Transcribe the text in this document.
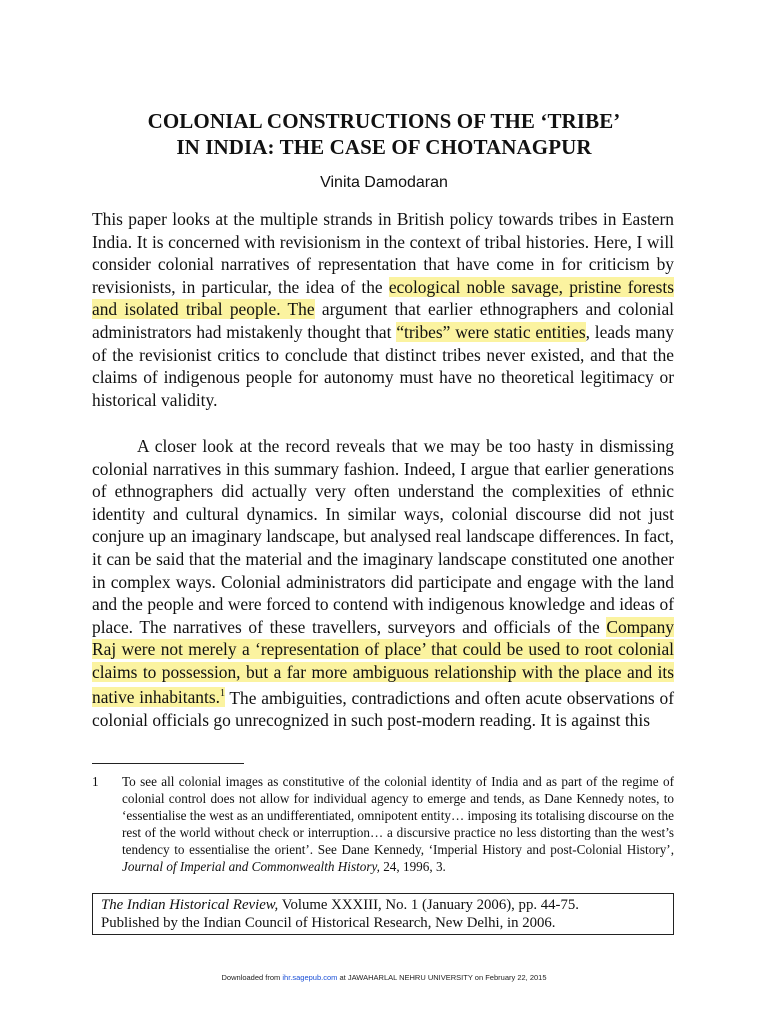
COLONIAL CONSTRUCTIONS OF THE ‘TRIBE’
IN INDIA: THE CASE OF CHOTANAGPUR
Vinita Damodaran

This paper looks at the multiple strands in British policy towards tribes in Eastern India. It is concerned with revisionism in the context of tribal histories. Here, I will consider colonial narratives of representation that have come in for criticism by revisionists, in particular, the idea of the ecological noble savage, pristine forests and isolated tribal people. The argument that earlier ethnographers and colonial administrators had mistakenly thought that “tribes” were static entities, leads many of the revisionist critics to conclude that distinct tribes never existed, and that the claims of indigenous people for autonomy must have no theoretical legitimacy or historical validity.

A closer look at the record reveals that we may be too hasty in dismissing colonial narratives in this summary fashion. Indeed, I argue that earlier generations of ethnographers did actually very often understand the complexities of ethnic identity and cultural dynamics. In similar ways, colonial discourse did not just conjure up an imaginary landscape, but analysed real landscape differences. In fact, it can be said that the material and the imaginary landscape constituted one another in complex ways. Colonial administrators did participate and engage with the land and the people and were forced to contend with indigenous knowledge and ideas of place. The narratives of these travellers, surveyors and officials of the Company Raj were not merely a ‘representation of place’ that could be used to root colonial claims to possession, but a far more ambiguous relationship with the place and its native inhabitants.$^1$ The ambiguities, contradictions and often acute observations of colonial officials go unrecognized in such post-modern reading. It is against this

1	To see all colonial images as constitutive of the colonial identity of India and as part of the regime of colonial control does not allow for individual agency to emerge and tends, as Dane Kennedy notes, to ‘essentialise the west as an undifferentiated, omnipotent entity… imposing its totalising discourse on the rest of the world without check or interruption… a discursive practice no less distorting than the west’s tendency to essentialise the orient’. See Dane Kennedy, ‘Imperial History and post-Colonial History’, Journal of Imperial and Commonwealth History, 24, 1996, 3.
The Indian Historical Review, Volume XXXIII, No. 1 (January 2006), pp. 44-75.
Published by the Indian Council of Historical Research, New Delhi, in 2006.
Downloaded from ihr.sagepub.com at JAWAHARLAL NEHRU UNIVERSITY on February 22, 2015
